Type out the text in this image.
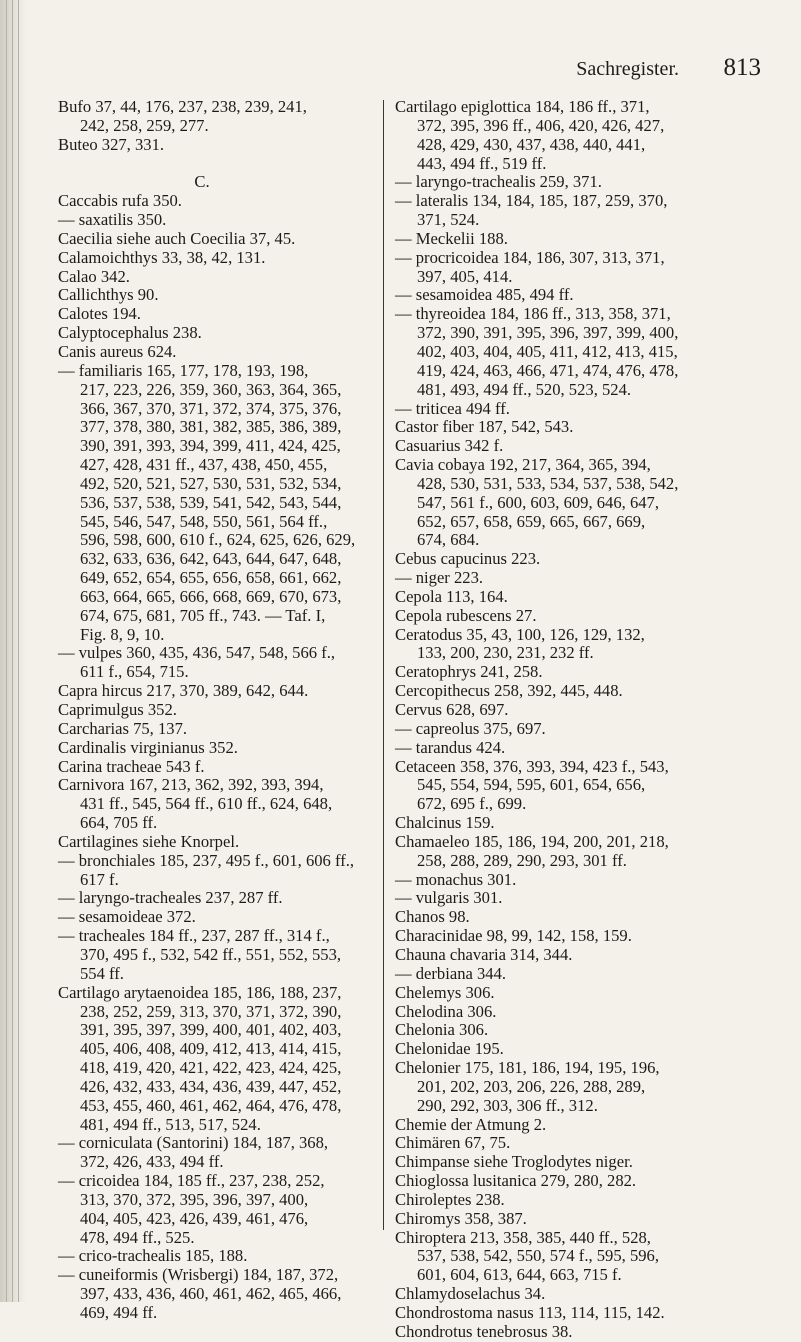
Sachregister. 813
Bufo 37, 44, 176, 237, 238, 239, 241,
242, 258, 259, 277.
Buteo 327, 331.
C.
Caccabis rufa 350.
— saxatilis 350.
Caecilia siehe auch Coecilia 37, 45.
Calamoichthys 33, 38, 42, 131.
Calao 342.
Callichthys 90.
Calotes 194.
Calyptocephalus 238.
Canis aureus 624.
— familiaris 165, 177, 178, 193, 198,
217, 223, 226, 359, 360, 363, 364, 365,
366, 367, 370, 371, 372, 374, 375, 376,
377, 378, 380, 381, 382, 385, 386, 389,
390, 391, 393, 394, 399, 411, 424, 425,
427, 428, 431 ff., 437, 438, 450, 455,
492, 520, 521, 527, 530, 531, 532, 534,
536, 537, 538, 539, 541, 542, 543, 544,
545, 546, 547, 548, 550, 561, 564 ff.,
596, 598, 600, 610 f., 624, 625, 626, 629,
632, 633, 636, 642, 643, 644, 647, 648,
649, 652, 654, 655, 656, 658, 661, 662,
663, 664, 665, 666, 668, 669, 670, 673,
674, 675, 681, 705 ff., 743. — Taf. I,
Fig. 8, 9, 10.
— vulpes 360, 435, 436, 547, 548, 566 f.,
611 f., 654, 715.
Capra hircus 217, 370, 389, 642, 644.
Caprimulgus 352.
Carcharias 75, 137.
Cardinalis virginianus 352.
Carina tracheae 543 f.
Carnivora 167, 213, 362, 392, 393, 394,
431 ff., 545, 564 ff., 610 ff., 624, 648,
664, 705 ff.
Cartilagines siehe Knorpel.
— bronchiales 185, 237, 495 f., 601, 606 ff.,
617 f.
— laryngo-tracheales 237, 287 ff.
— sesamoideae 372.
— tracheales 184 ff., 237, 287 ff., 314 f.,
370, 495 f., 532, 542 ff., 551, 552, 553,
554 ff.
Cartilago arytaenoidea 185, 186, 188, 237,
238, 252, 259, 313, 370, 371, 372, 390,
391, 395, 397, 399, 400, 401, 402, 403,
405, 406, 408, 409, 412, 413, 414, 415,
418, 419, 420, 421, 422, 423, 424, 425,
426, 432, 433, 434, 436, 439, 447, 452,
453, 455, 460, 461, 462, 464, 476, 478,
481, 494 ff., 513, 517, 524.
— corniculata (Santorini) 184, 187, 368,
372, 426, 433, 494 ff.
— cricoidea 184, 185 ff., 237, 238, 252,
313, 370, 372, 395, 396, 397, 400,
404, 405, 423, 426, 439, 461, 476,
478, 494 ff., 525.
— crico-trachealis 185, 188.
— cuneiformis (Wrisbergi) 184, 187, 372,
397, 433, 436, 460, 461, 462, 465, 466,
469, 494 ff.
Cartilago epiglottica 184, 186 ff., 371,
372, 395, 396 ff., 406, 420, 426, 427,
428, 429, 430, 437, 438, 440, 441,
443, 494 ff., 519 ff.
— laryngo-trachealis 259, 371.
— lateralis 134, 184, 185, 187, 259, 370,
371, 524.
— Meckelii 188.
— procricoidea 184, 186, 307, 313, 371,
397, 405, 414.
— sesamoidea 485, 494 ff.
— thyreoidea 184, 186 ff., 313, 358, 371,
372, 390, 391, 395, 396, 397, 399, 400,
402, 403, 404, 405, 411, 412, 413, 415,
419, 424, 463, 466, 471, 474, 476, 478,
481, 493, 494 ff., 520, 523, 524.
— triticea 494 ff.
Castor fiber 187, 542, 543.
Casuarius 342 f.
Cavia cobaya 192, 217, 364, 365, 394,
428, 530, 531, 533, 534, 537, 538, 542,
547, 561 f., 600, 603, 609, 646, 647,
652, 657, 658, 659, 665, 667, 669,
674, 684.
Cebus capucinus 223.
— niger 223.
Cepola 113, 164.
Cepola rubescens 27.
Ceratodus 35, 43, 100, 126, 129, 132,
133, 200, 230, 231, 232 ff.
Ceratophrys 241, 258.
Cercopithecus 258, 392, 445, 448.
Cervus 628, 697.
— capreolus 375, 697.
— tarandus 424.
Cetaceen 358, 376, 393, 394, 423 f., 543,
545, 554, 594, 595, 601, 654, 656,
672, 695 f., 699.
Chalcinus 159.
Chamaeleo 185, 186, 194, 200, 201, 218,
258, 288, 289, 290, 293, 301 ff.
— monachus 301.
— vulgaris 301.
Chanos 98.
Characinidae 98, 99, 142, 158, 159.
Chauna chavaria 314, 344.
— derbiana 344.
Chelemys 306.
Chelodina 306.
Chelonia 306.
Chelonidae 195.
Chelonier 175, 181, 186, 194, 195, 196,
201, 202, 203, 206, 226, 288, 289,
290, 292, 303, 306 ff., 312.
Chemie der Atmung 2.
Chimären 67, 75.
Chimpanse siehe Troglodytes niger.
Chioglossa lusitanica 279, 280, 282.
Chiroleptes 238.
Chiromys 358, 387.
Chiroptera 213, 358, 385, 440 ff., 528,
537, 538, 542, 550, 574 f., 595, 596,
601, 604, 613, 644, 663, 715 f.
Chlamydoselachus 34.
Chondrostoma nasus 113, 114, 115, 142.
Chondrotus tenebrosus 38.
